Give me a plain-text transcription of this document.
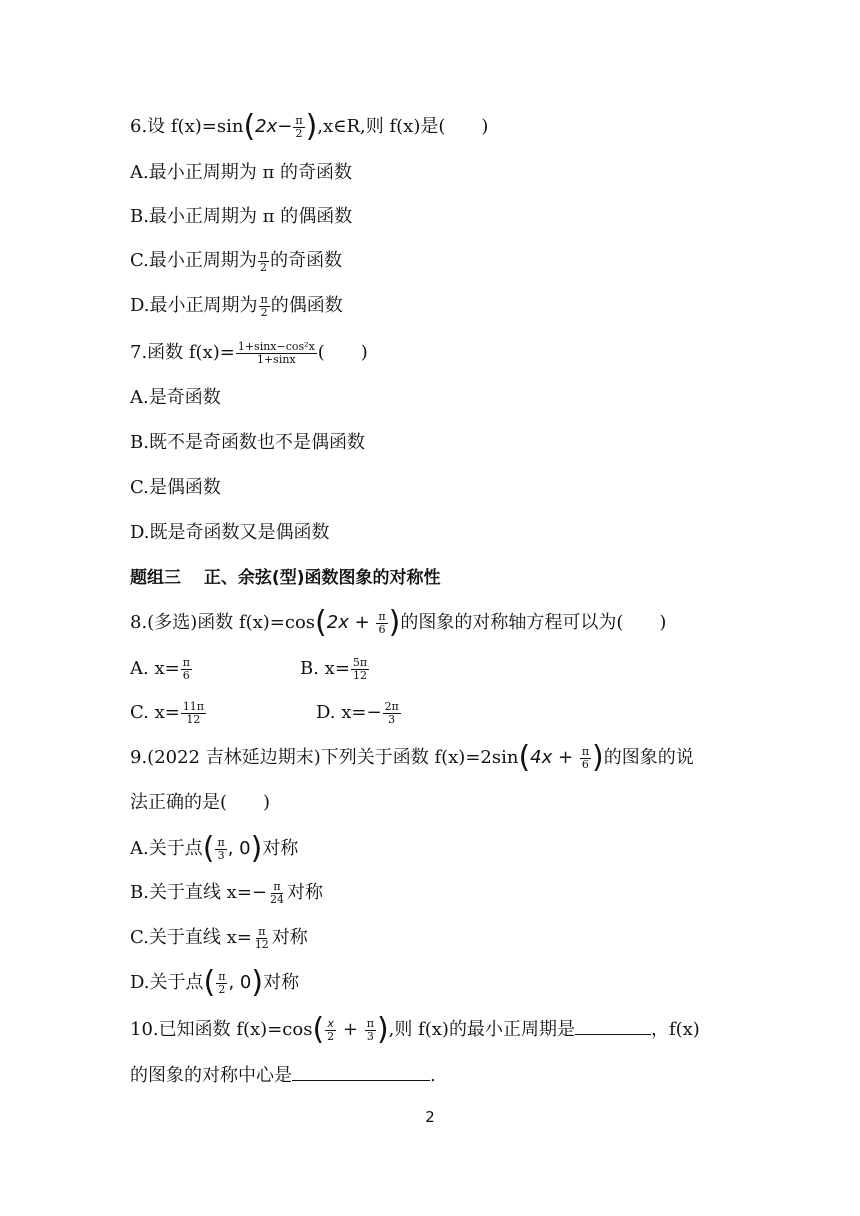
6.设 $f(x)=\sin(2x- \frac{\pi}{2}$ ),x∈R,则 f(x)是(　　)
A.最小正周期为 π 的奇函数
B.最小正周期为 π 的偶函数
C.最小正周期为 $\frac{\pi}{2}$ 的奇函数
D.最小正周期为 $\frac{\pi}{2}$ 的偶函数
7.函数 $f(x)= \frac{\text{1+sinx−cos²x}}{1+\sin x}$ (　　)
A.是奇函数
B.既不是奇函数也不是偶函数
C.是偶函数
D.既是奇函数又是偶函数
题组三　 正、余弦(型)函数图象的对称性
8.(多选)函数 $f(x)=\cos(2x + \frac{\pi}{6}$ )的图象的对称轴方程可以为(　　)
A. $x= \frac{\pi}{6}$	B. $x= \frac{5\pi}{12}$
C. $x= \frac{11\pi}{12}$	D. $x=- \frac{2\pi}{3}$
9.(2022 吉林延边期末)下列关于函数 $f(x)=2\sin(4x + \frac{\pi}{6}$ )的图象的说
法正确的是(　　)
A.关于点( $\frac{\pi}{3}$ , 0)对称
B.关于直线 $x=- \frac{\pi}{24}$ 对称
C.关于直线 $x= \frac{\pi}{12}$ 对称
D.关于点( $\frac{\pi}{2}$ , 0)对称
10.已知函数 $f(x)=\cos( \frac{x}{2} + \frac{\pi}{3}$ ),则 f(x)的最小正周期是	，f(x)
的图象的对称中心是	.
2
